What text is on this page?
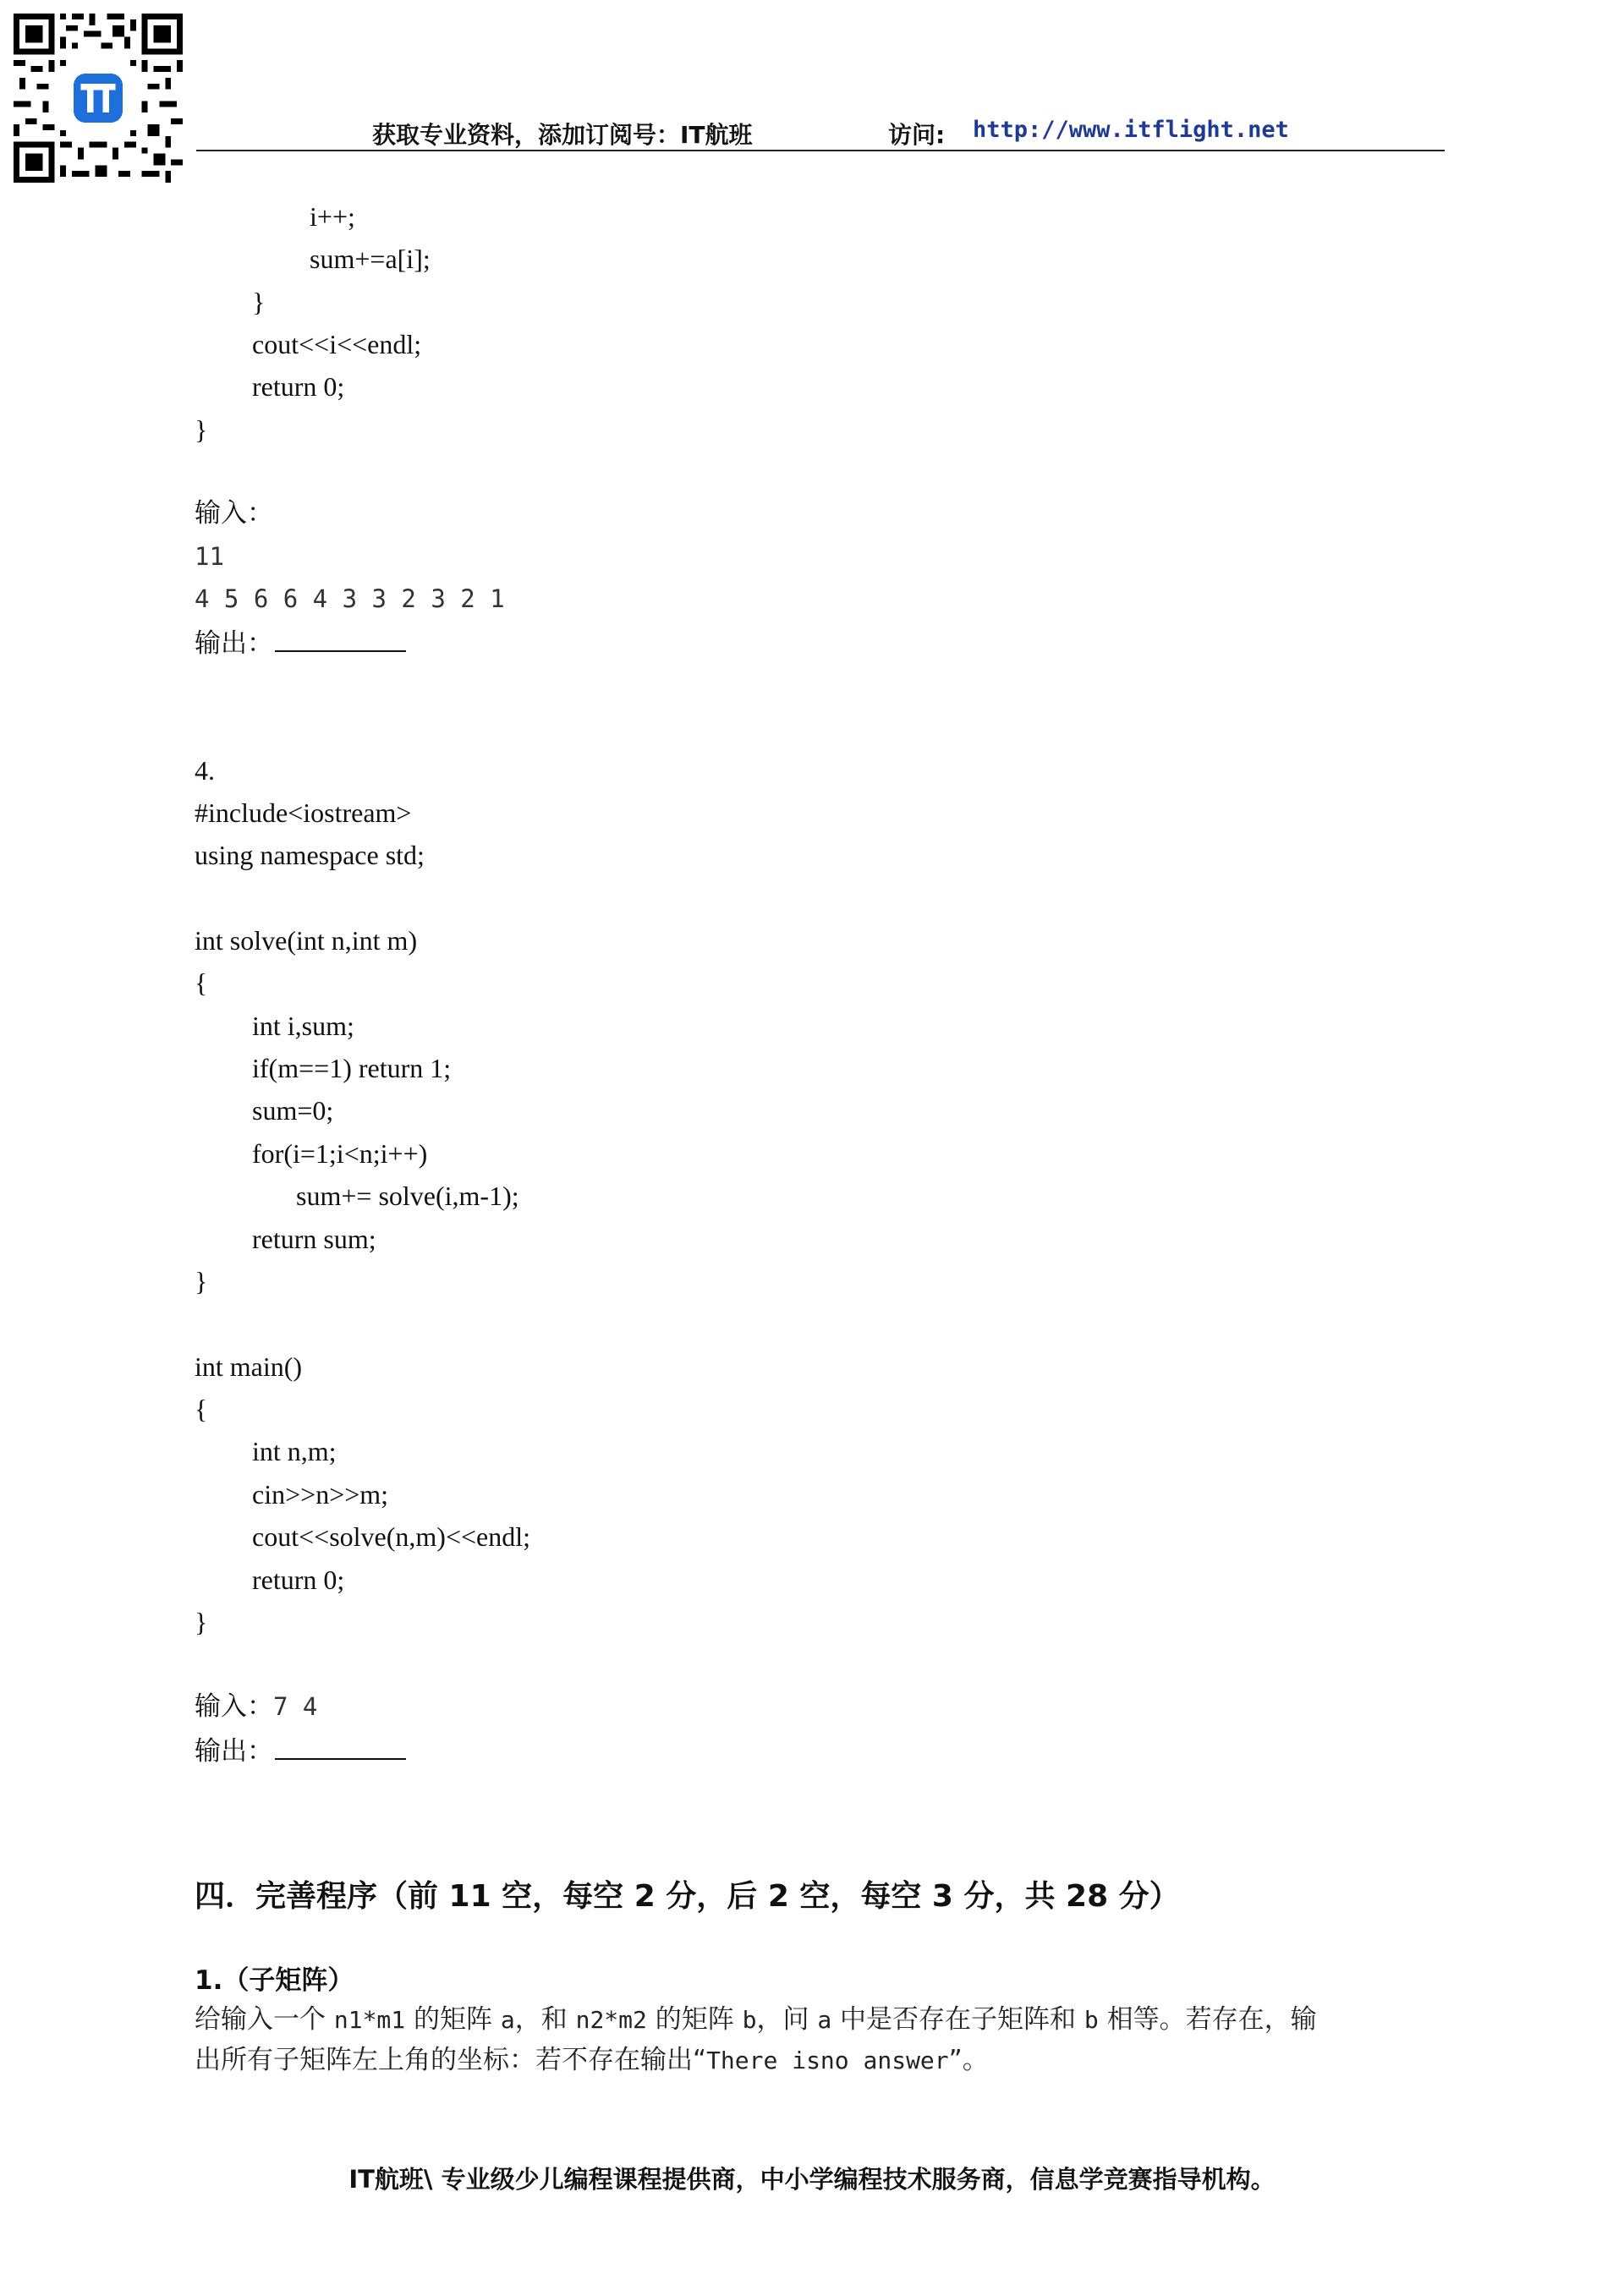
获取专业资料，添加订阅号：IT航班	访问: http://www.itflight.net
i++;
sum+=a[i];
}
cout<<i<<endl;
return 0;
}
输入：
11
4 5 6 6 4 3 3 2 3 2 1
输出：
4.
#include<iostream>
using namespace std;
int solve(int n,int m)
{
int i,sum;
if(m==1) return 1;
sum=0;
for(i=1;i<n;i++)
sum+= solve(i,m-1);
return sum;
}
int main()
{
int n,m;
cin>>n>>m;
cout<<solve(n,m)<<endl;
return 0;
}
输入：7 4
输出：
四．完善程序（前 11 空，每空 2 分，后 2 空，每空 3 分，共 28 分）
1.（子矩阵）
给输入一个 n1*m1 的矩阵 a，和 n2*m2 的矩阵 b，问 a 中是否存在子矩阵和 b 相等。若存在，输
出所有子矩阵左上角的坐标：若不存在输出“There isno answer”。
IT航班\ 专业级少儿编程课程提供商，中小学编程技术服务商，信息学竞赛指导机构。
